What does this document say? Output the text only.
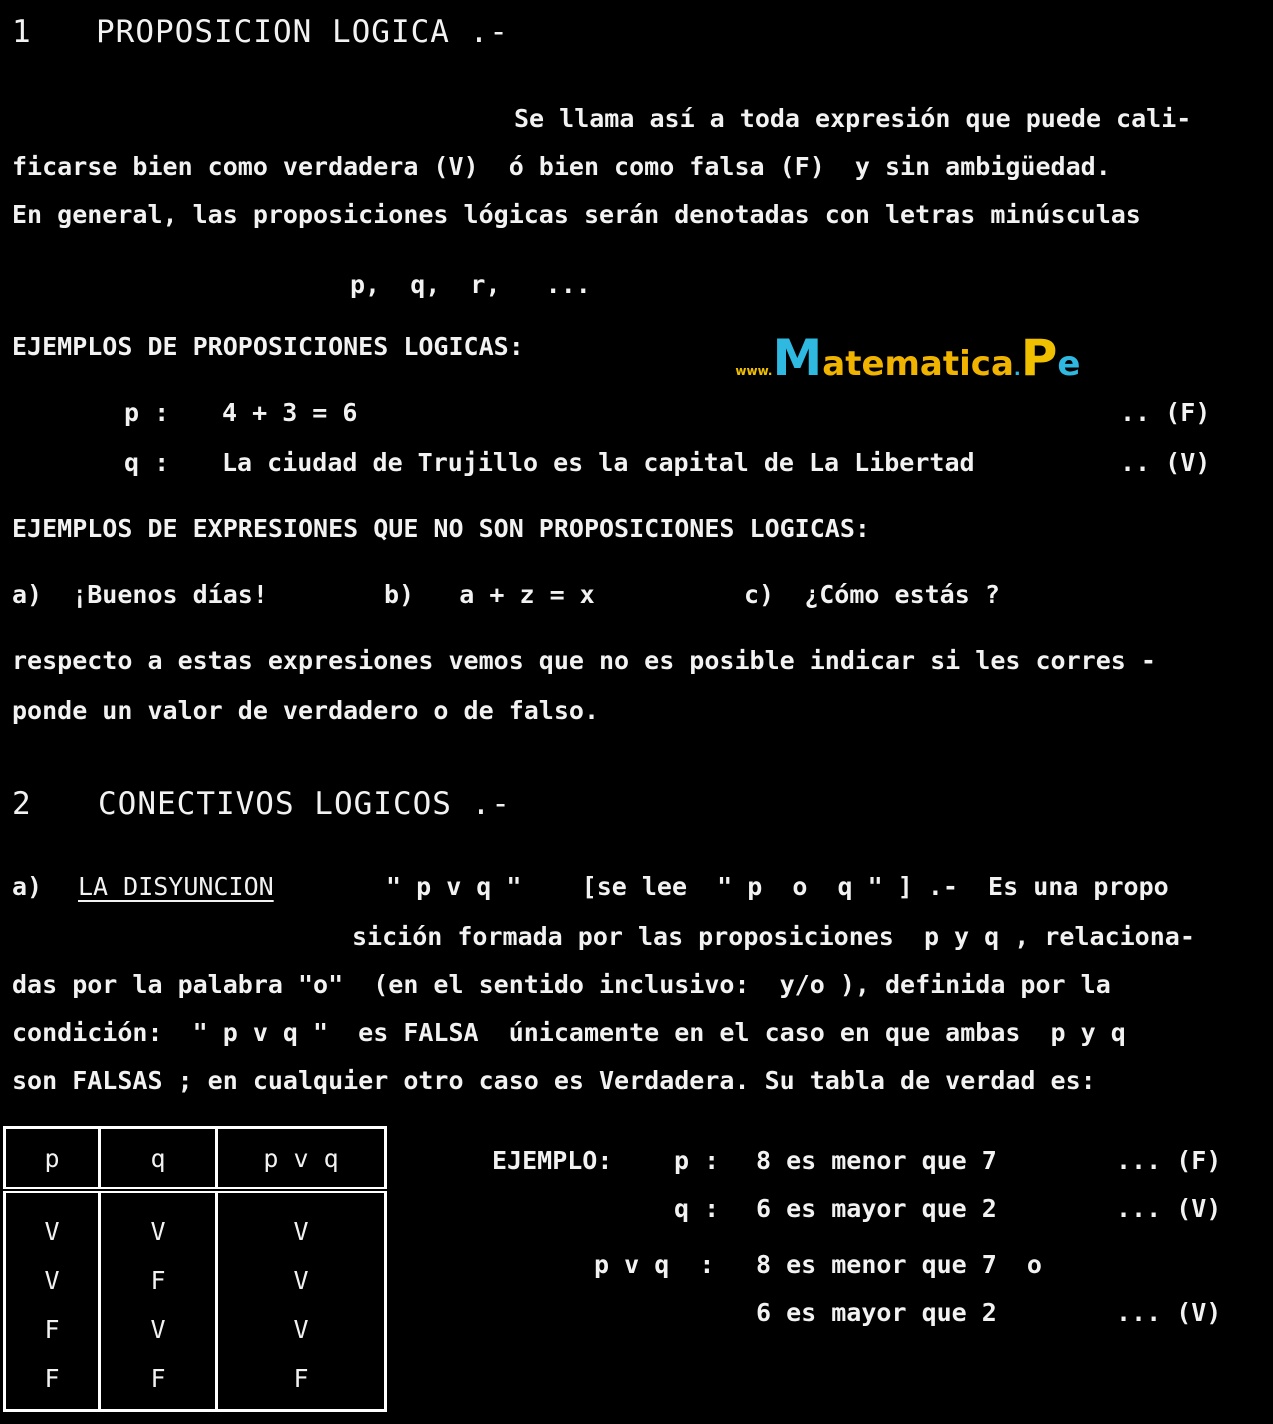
1 PROPOSICION LOGICA .-
Se llama así a toda expresión que puede cali-
ficarse bien como verdadera (V)  ó bien como falsa (F)  y sin ambigüedad.
En general, las proposiciones lógicas serán denotadas con letras minúsculas
p,  q,  r,   ...
EJEMPLOS DE PROPOSICIONES LOGICAS:

www.Matematica.Pe

p : 4 + 3 = 6	.. (F)
q : La ciudad de Trujillo es la capital de La Libertad	.. (V)
EJEMPLOS DE EXPRESIONES QUE NO SON PROPOSICIONES LOGICAS:
a)  ¡Buenos días!	b)   a + z = x	c)  ¿Cómo estás ?
respecto a estas expresiones vemos que no es posible indicar si les corres -
ponde un valor de verdadero o de falso.
2 CONECTIVOS LOGICOS .-
a) LA DISYUNCION	" p v q "    [se lee  " p  o  q " ] .-  Es una propo
sición formada por las proposiciones  p y q , relaciona-
das por la palabra "o"  (en el sentido inclusivo:  y/o ), definida por la
condición:  " p v q "  es FALSA  únicamente en el caso en que ambas  p y q
son FALSAS ; en cualquier otro caso es Verdadera. Su tabla de verdad es:
p	q	p v q
V	V	V
V	F	V
F	V	V
F	F	F
EJEMPLO: p : 8 es menor que 7	... (F)
q : 6 es mayor que 2	... (V)
p v q  : 8 es menor que 7  o
6 es mayor que 2	... (V)
